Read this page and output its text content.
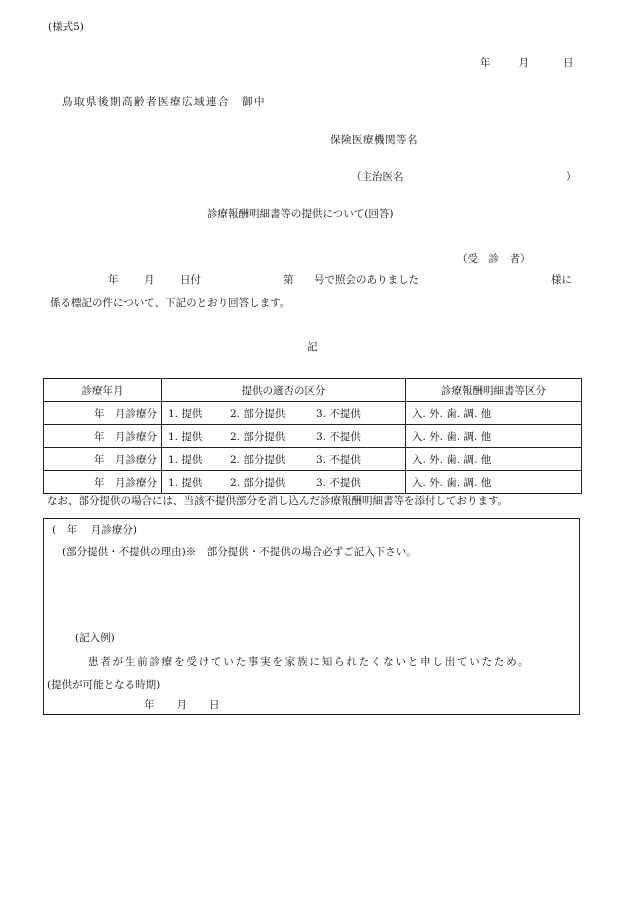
(様式5)
年	月	日
鳥取県後期高齢者医療広域連合　御中
保険医療機関等名
（主治医名	）
診療報酬明細書等の提供について(回答)
（受　診　者）
年 月 日付	第 号で照会のありました	様に
係る標記の件について、下記のとおり回答します。
記
診療年月	提供の適否の区分	診療報酬明細書等区分
年　月診療分	1. 提供 2. 部分提供 3. 不提供	入. 外. 歯. 調. 他
年　月診療分	1. 提供 2. 部分提供 3. 不提供	入. 外. 歯. 調. 他
年　月診療分	1. 提供 2. 部分提供 3. 不提供	入. 外. 歯. 調. 他
年　月診療分	1. 提供 2. 部分提供 3. 不提供	入. 外. 歯. 調. 他
なお、部分提供の場合には、当該不提供部分を消し込んだ診療報酬明細書等を添付しております。
(　年　 月診療分)
(部分提供・不提供の理由)※　部分提供・不提供の場合必ずご記入下さい。
(記入例)
患者が生前診療を受けていた事実を家族に知られたくないと申し出ていたため。
(提供が可能となる時期)
年 月 日
